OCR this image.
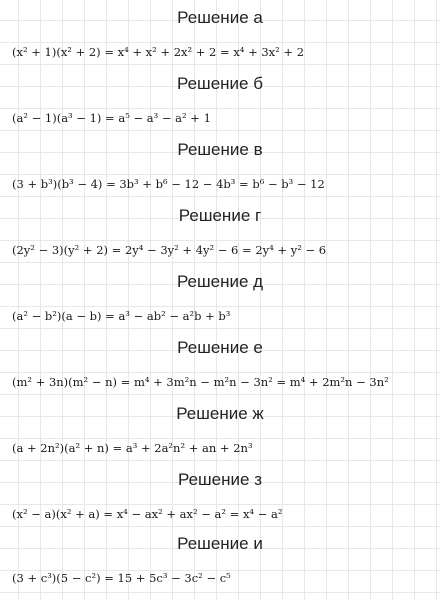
Решение а
(x² + 1)(x² + 2) = x⁴ + x² + 2x² + 2 = x⁴ + 3x² + 2
Решение б
(a² − 1)(a³ − 1) = a⁵ − a³ − a² + 1
Решение в
(3 + b³)(b³ − 4) = 3b³ + b⁶ − 12 − 4b³ = b⁶ − b³ − 12
Решение г
(2y² − 3)(y² + 2) = 2y⁴ − 3y² + 4y² − 6 = 2y⁴ + y² − 6
Решение д
(a² − b²)(a − b) = a³ − ab² − a²b + b³
Решение е
(m² + 3n)(m² − n) = m⁴ + 3m²n − m²n − 3n² = m⁴ + 2m²n − 3n²
Решение ж
(a + 2n²)(a² + n) = a³ + 2a²n² + an + 2n³
Решение з
(x² − a)(x² + a) = x⁴ − ax² + ax² − a² = x⁴ − a²
Решение и
(3 + c³)(5 − c²) = 15 + 5c³ − 3c² − c⁵
